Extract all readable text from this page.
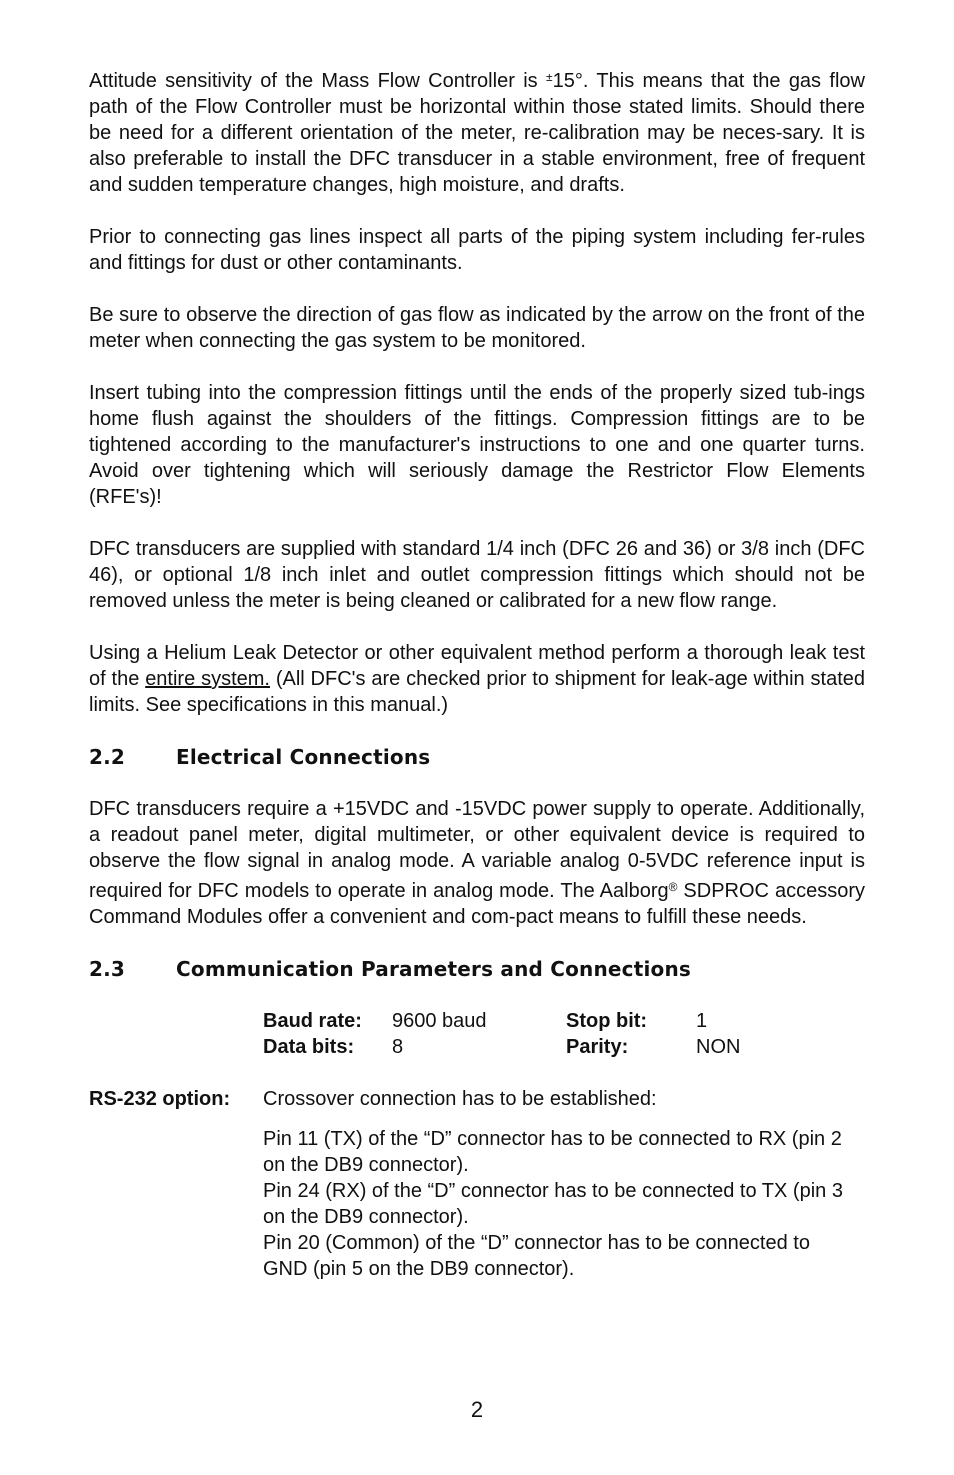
Attitude sensitivity of the Mass Flow Controller is ±15°. This means that the gas flow path of the Flow Controller must be horizontal within those stated limits. Should there be need for a different orientation of the meter, re-calibration may be neces-sary. It is also preferable to install the DFC transducer in a stable environment, free of frequent and sudden temperature changes, high moisture, and drafts.

Prior to connecting gas lines inspect all parts of the piping system including fer-rules and fittings for dust or other contaminants.

Be sure to observe the direction of gas flow as indicated by the arrow on the front of the meter when connecting the gas system to be monitored.

Insert tubing into the compression fittings until the ends of the properly sized tub-ings home flush against the shoulders of the fittings. Compression fittings are to be tightened according to the manufacturer's instructions to one and one quarter turns. Avoid over tightening which will seriously damage the Restrictor Flow Elements (RFE's)!

DFC transducers are supplied with standard 1/4 inch (DFC 26 and 36) or 3/8 inch (DFC 46), or optional 1/8 inch inlet and outlet compression fittings which should not be removed unless the meter is being cleaned or calibrated for a new flow range.

Using a Helium Leak Detector or other equivalent method perform a thorough leak test of the entire system. (All DFC's are checked prior to shipment for leak-age within stated limits. See specifications in this manual.)

2.2	Electrical Connections

DFC transducers require a +15VDC and -15VDC power supply to operate. Additionally, a readout panel meter, digital multimeter, or other equivalent device is required to observe the flow signal in analog mode. A variable analog 0-5VDC reference input is required for DFC models to operate in analog mode. The Aalborg® SDPROC accessory Command Modules offer a convenient and com-pact means to fulfill these needs.

2.3	Communication Parameters and Connections
Baud rate:	9600 baud	Stop bit:	1
Data bits:	8	Parity:	NON
RS-232 option:	Crossover connection has to be established:
Pin 11 (TX) of the “D” connector has to be connected to RX (pin 2 on the DB9 connector).
Pin 24 (RX) of the “D” connector has to be connected to TX (pin 3 on the DB9 connector).
Pin 20 (Common) of the “D” connector has to be connected to GND (pin 5 on the DB9 connector).
2
